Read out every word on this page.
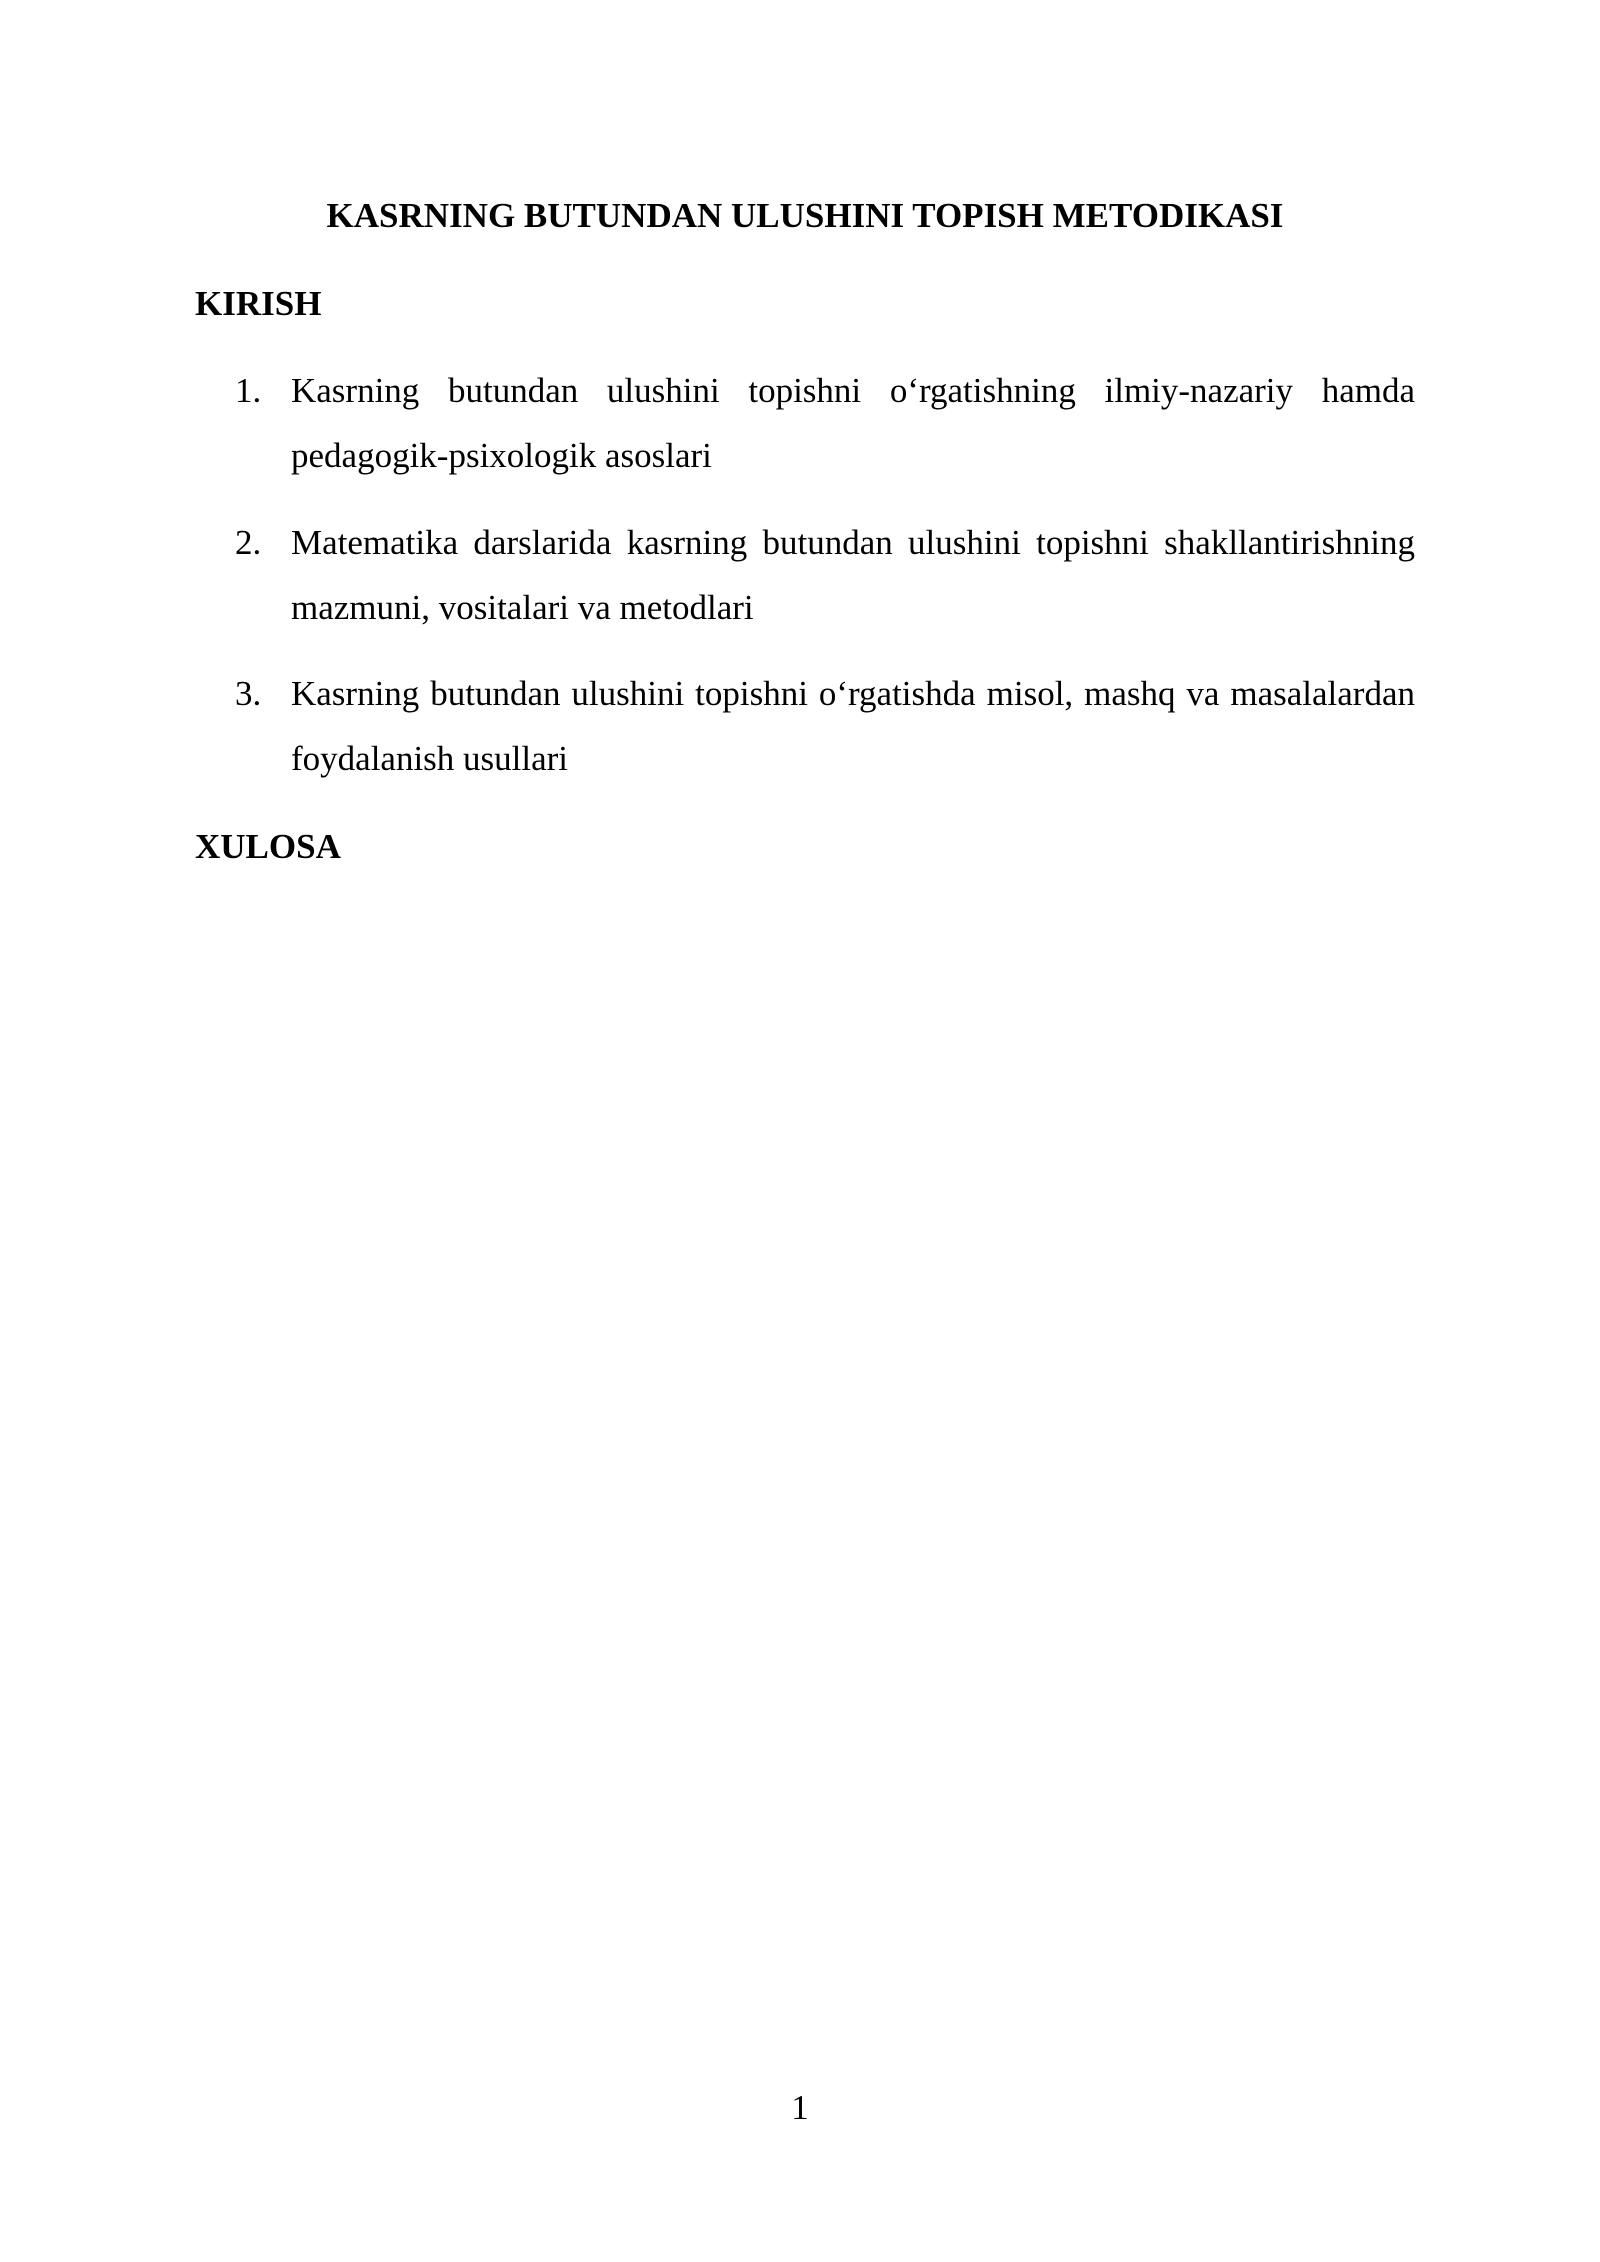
KASRNING BUTUNDAN ULUSHINI TOPISH METODIKASI
KIRISH
1. Kasrning butundan ulushini topishni o‘rgatishning ilmiy-nazariy hamda pedagogik-psixologik asoslari
2. Matematika darslarida kasrning butundan ulushini topishni shakllantirishning mazmuni, vositalari va metodlari
3. Kasrning butundan ulushini topishni o‘rgatishda misol, mashq va masalalardan foydalanish usullari
XULOSA
1
